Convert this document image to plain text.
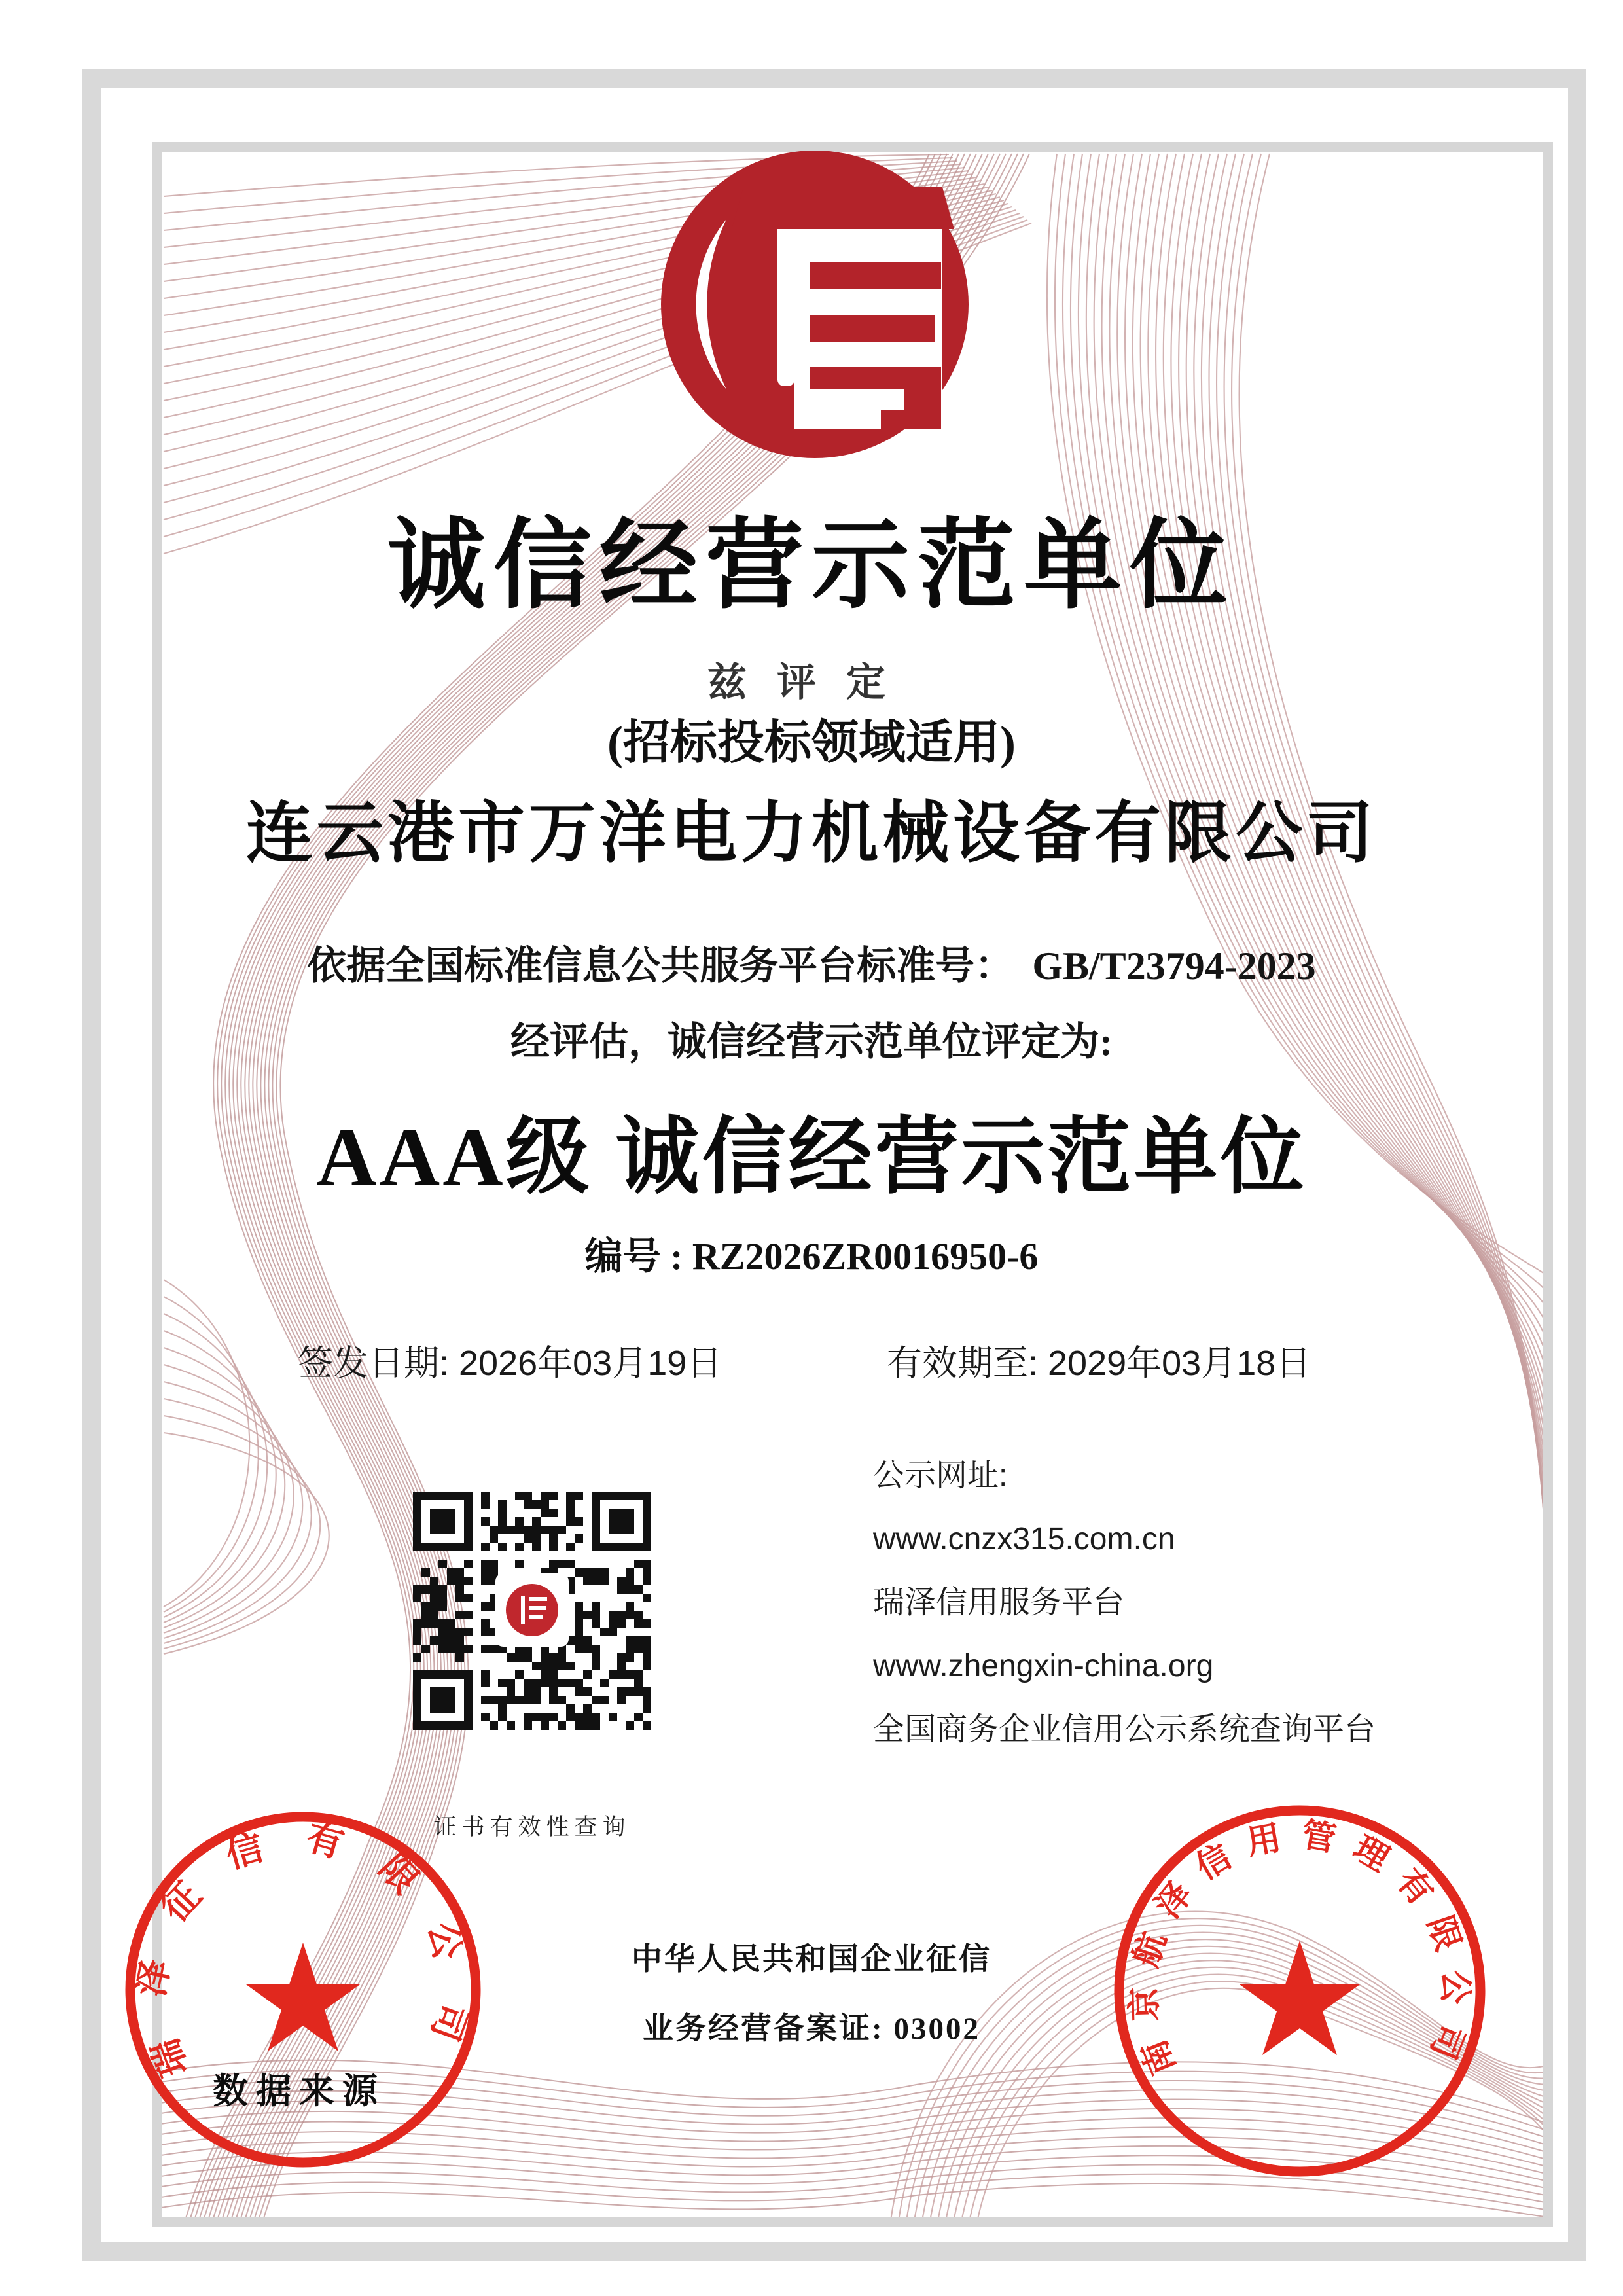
诚信经营示范单位
兹评定
(招标投标领域适用)
连云港市万洋电力机械设备有限公司
依据全国标准信息公共服务平台标准号： GB/T23794-2023
经评估，诚信经营示范单位评定为:
AAA级 诚信经营示范单位
编号 : RZ2026ZR0016950-6
签发日期: 2026年03月19日	有效期至: 2029年03月18日
证书有效性查询

公示网址:

www.cnzx315.com.cn

瑞泽信用服务平台

www.zhengxin-china.org

全国商务企业信用公示系统查询平台

中华人民共和国企业征信
业务经营备案证: 03002
瑞泽征信有限公司
数据来源
南京航泽信用管理有限公司
